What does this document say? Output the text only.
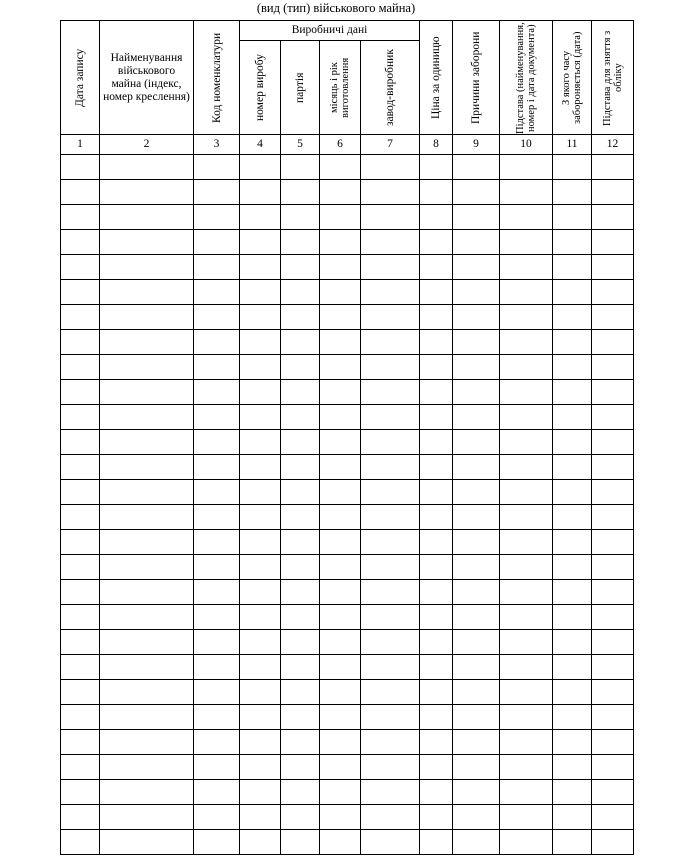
(вид (тип) військового майна)
Дата запису	Найменування військового майна (індекс, номер креслення)	Код номенклатури	Виробничі дані				Ціна за одиницю	Причини заборони	Підстава (найменування, номер і дата документа)	З якого часу забороняється (дата)	Підстава для зняття з обліку

			номер виробу	партія	місяць і рік виготовлення	завод-виробник					

1	2	3	4	5	6	7	8	9	10	11	12
